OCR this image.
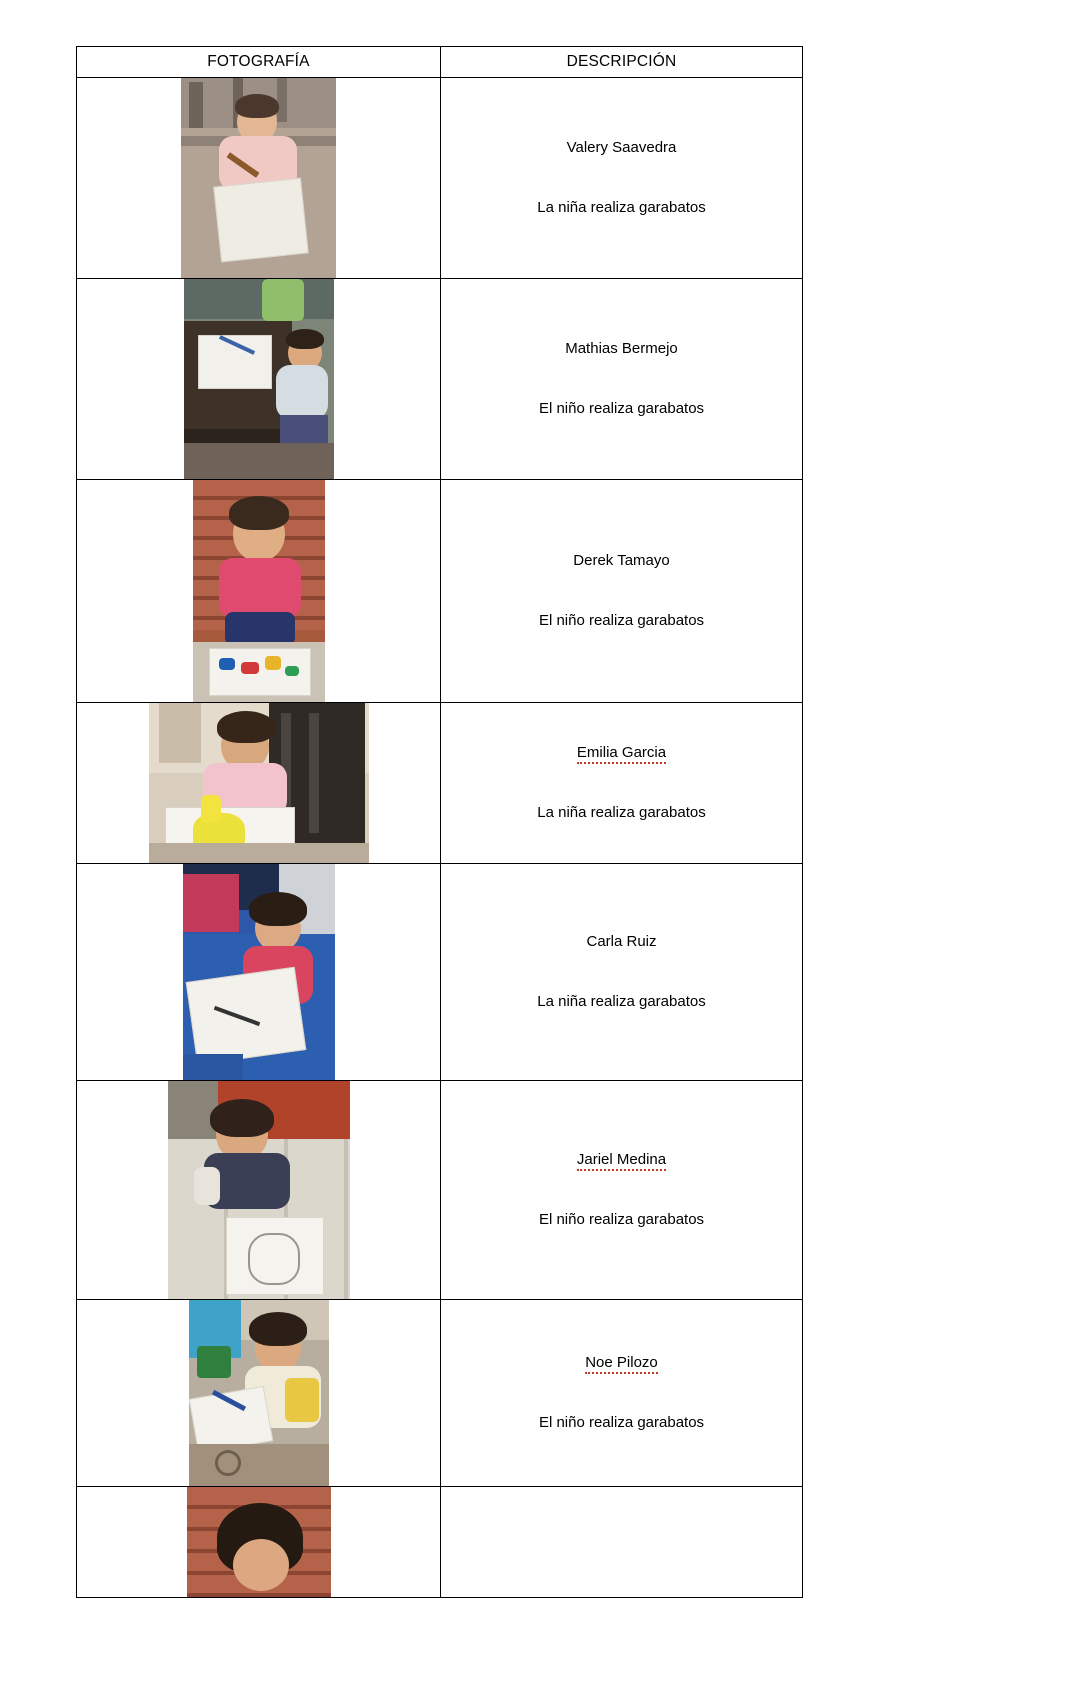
FOTOGRAFÍA	DESCRIPCIÓN

	Valery Saavedra
La niña realiza garabatos

	Mathias Bermejo
El niño realiza garabatos

	Derek Tamayo
El niño realiza garabatos

	Emilia Garcia
La niña realiza garabatos

	Carla Ruiz
La niña realiza garabatos

	Jariel Medina
El niño realiza garabatos

	Noe Pilozo
El niño realiza garabatos
